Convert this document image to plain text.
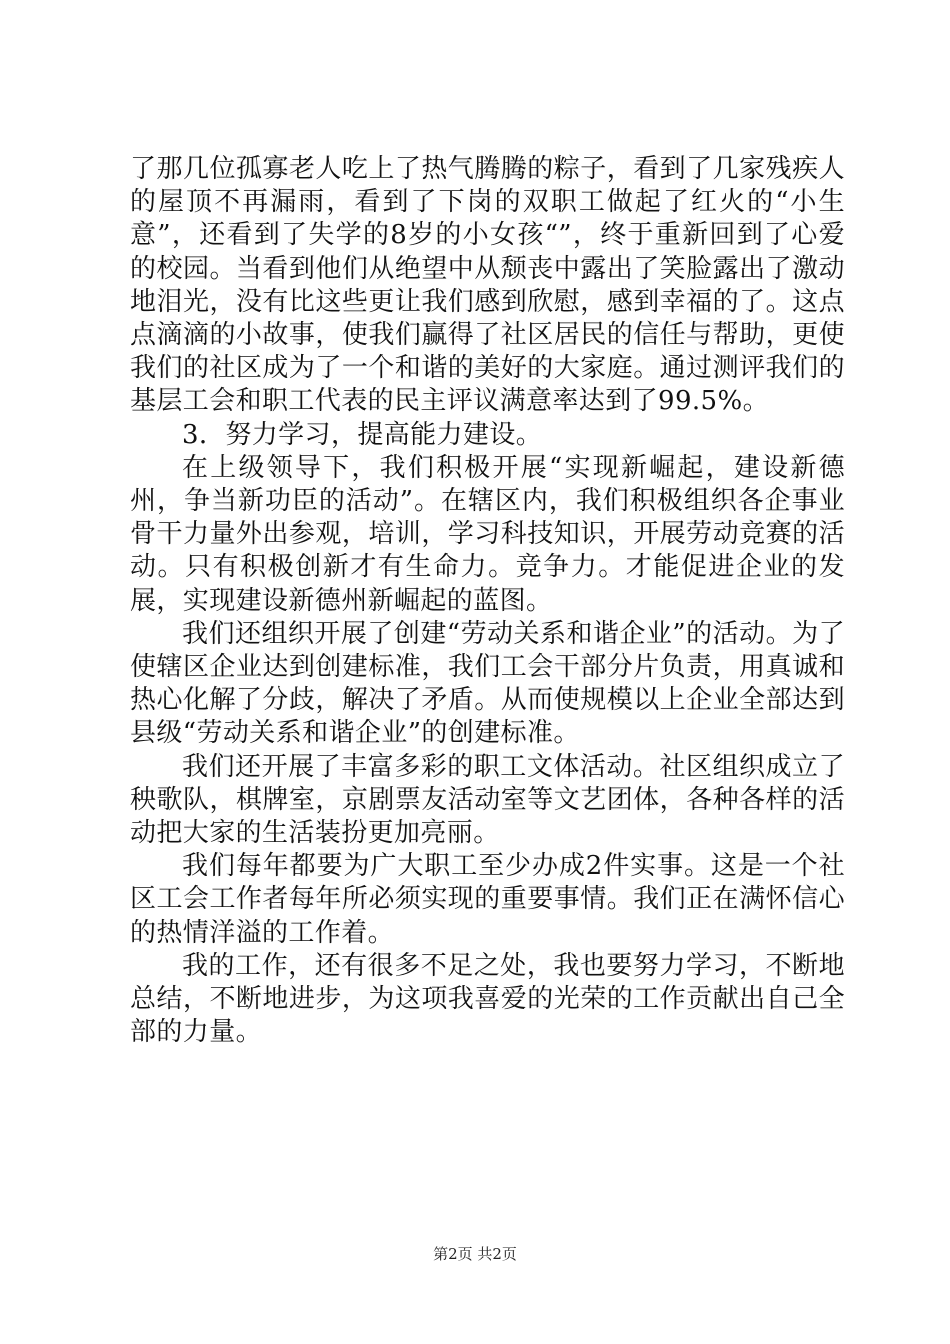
了那几位孤寡老人吃上了热气腾腾的粽子，看到了几家残疾人的屋顶不再漏雨，看到了下岗的双职工做起了红火的“小生意”，还看到了失学的8岁的小女孩“”，终于重新回到了心爱的校园。当看到他们从绝望中从颓丧中露出了笑脸露出了激动地泪光，没有比这些更让我们感到欣慰，感到幸福的了。这点点滴滴的小故事，使我们赢得了社区居民的信任与帮助，更使我们的社区成为了一个和谐的美好的大家庭。通过测评我们的基层工会和职工代表的民主评议满意率达到了99.5%。

3．努力学习，提高能力建设。

在上级领导下，我们积极开展“实现新崛起，建设新德州，争当新功臣的活动”。在辖区内，我们积极组织各企事业骨干力量外出参观，培训，学习科技知识，开展劳动竞赛的活动。只有积极创新才有生命力。竞争力。才能促进企业的发展，实现建设新德州新崛起的蓝图。

我们还组织开展了创建“劳动关系和谐企业”的活动。为了使辖区企业达到创建标准，我们工会干部分片负责，用真诚和热心化解了分歧，解决了矛盾。从而使规模以上企业全部达到县级“劳动关系和谐企业”的创建标准。

我们还开展了丰富多彩的职工文体活动。社区组织成立了秧歌队，棋牌室，京剧票友活动室等文艺团体，各种各样的活动把大家的生活装扮更加亮丽。

我们每年都要为广大职工至少办成2件实事。这是一个社区工会工作者每年所必须实现的重要事情。我们正在满怀信心的热情洋溢的工作着。

我的工作，还有很多不足之处，我也要努力学习，不断地总结，不断地进步，为这项我喜爱的光荣的工作贡献出自己全部的力量。

第2页 共2页
